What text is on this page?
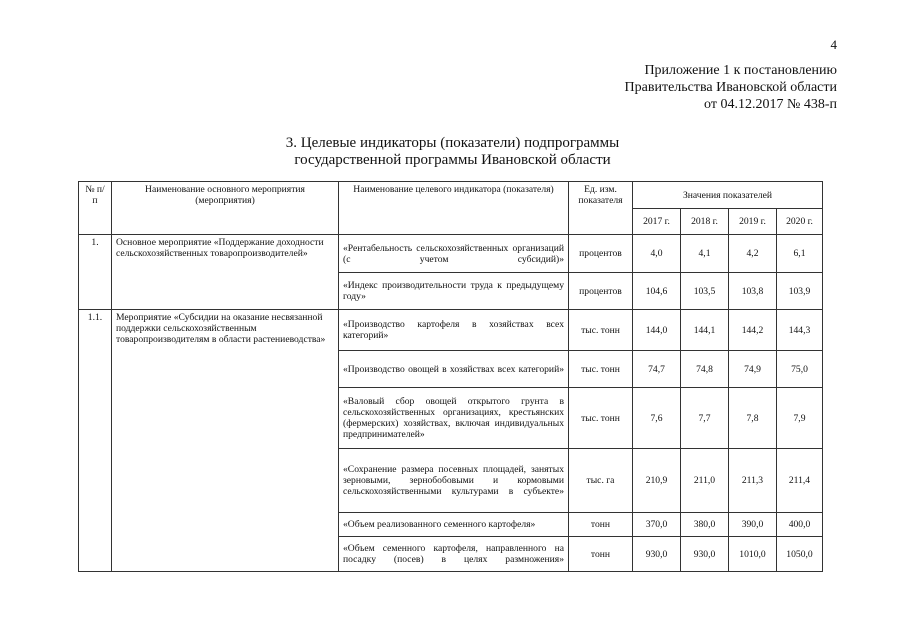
4
Приложение 1 к постановлению
Правительства Ивановской области
от 04.12.2017 № 438-п
3. Целевые индикаторы (показатели) подпрограммы
государственной программы Ивановской области
№ п/п	Наименование основного мероприятия (мероприятия)	Наименование целевого индикатора (показателя)	Ед. изм. показателя	Значения показателей			
				2017 г.	2018 г.	2019 г.	2020 г.
1.	Основное мероприятие «Поддержание доходности сельскохозяйственных товаропроизводителей»	«Рентабельность сельскохозяйственных организаций (с учетом субсидий)»	процентов	4,0	4,1	4,2	6,1
		«Индекс производительности труда к предыдущему году»	процентов	104,6	103,5	103,8	103,9
1.1.	Мероприятие «Субсидии на оказание несвязанной поддержки сельскохозяйственным товаропроизводителям в области растениеводства»	«Производство картофеля в хозяйствах всех категорий»	тыс. тонн	144,0	144,1	144,2	144,3
		«Производство овощей в хозяйствах всех категорий»	тыс. тонн	74,7	74,8	74,9	75,0
		«Валовый сбор овощей открытого грунта в сельскохозяйственных организациях, крестьянских (фермерских) хозяйствах, включая индивидуальных предпринимателей»	тыс. тонн	7,6	7,7	7,8	7,9
		«Сохранение размера посевных площадей, занятых зерновыми, зернобобовыми и кормовыми сельскохозяйственными культурами в субъекте»	тыс. га	210,9	211,0	211,3	211,4
		«Объем реализованного семенного картофеля»	тонн	370,0	380,0	390,0	400,0
		«Объем семенного картофеля, направленного на посадку (посев) в целях размножения»	тонн	930,0	930,0	1010,0	1050,0
